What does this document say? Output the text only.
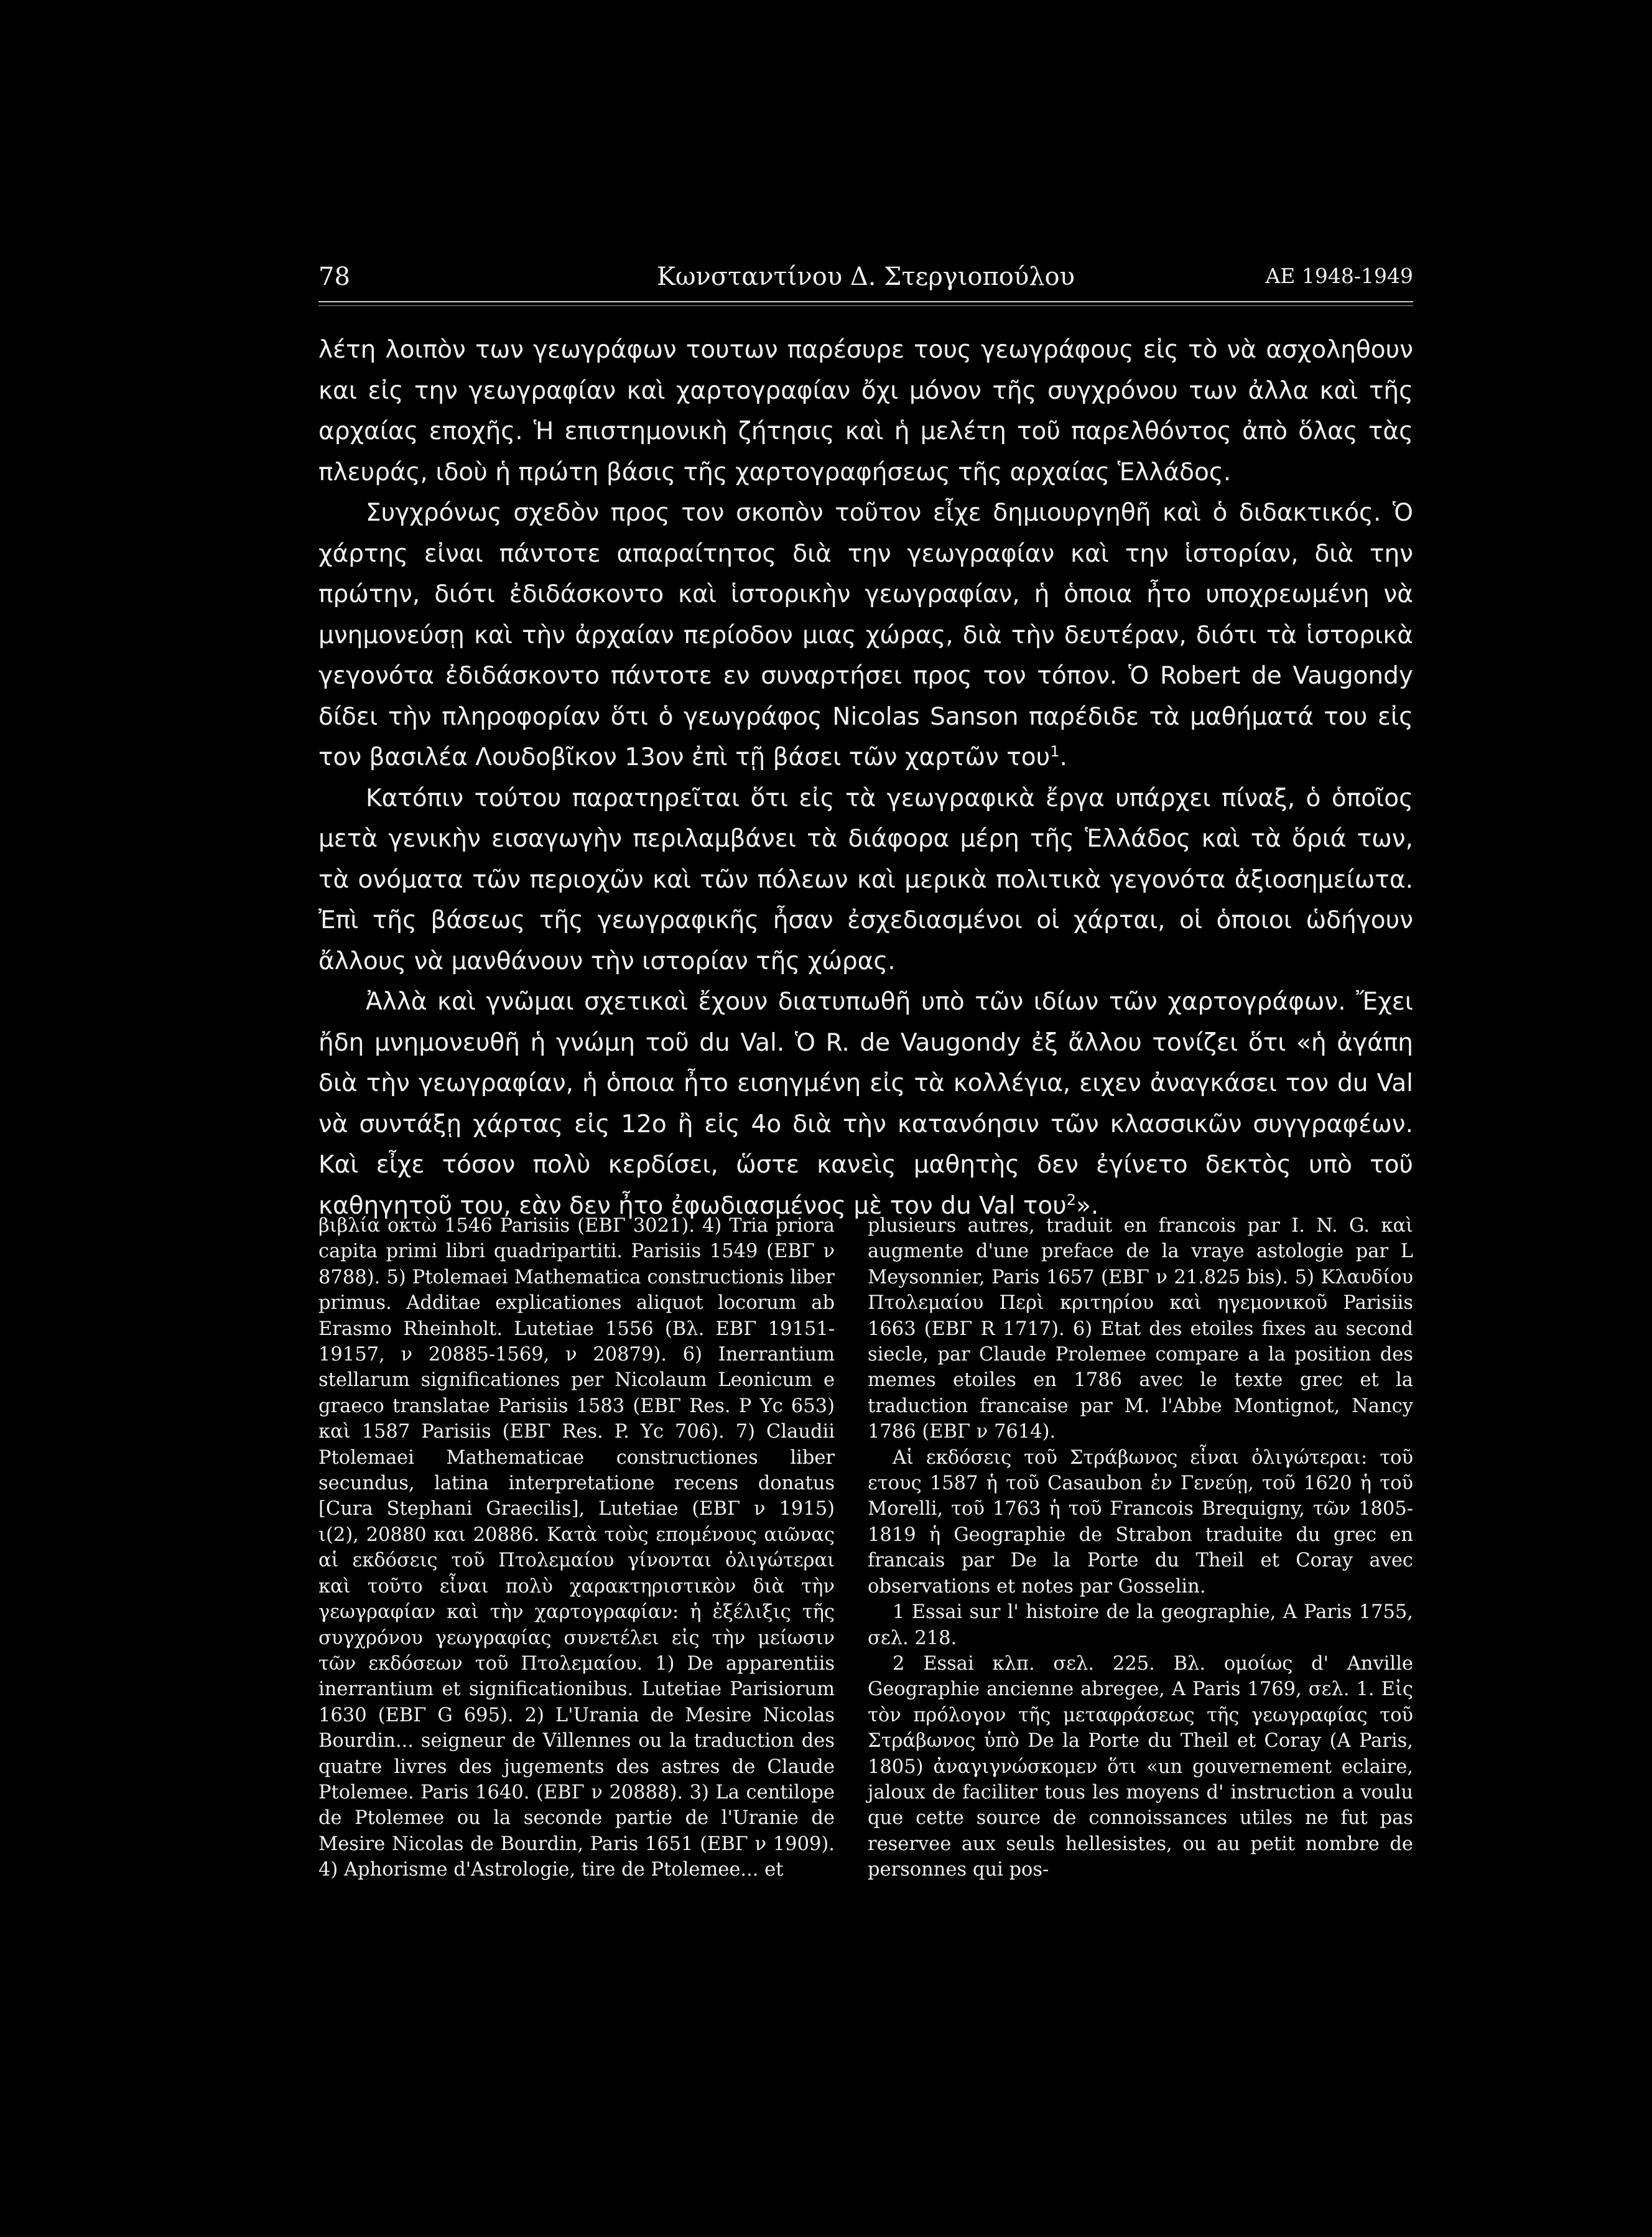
78	Κωνσταντίνου Δ. Στεργιοπούλου	ΑΕ 1948-1949

λέτη λοιπὸν των γεωγράφων τουτων παρέσυρε τους γεωγράφους εἰς τὸ νὰ ασχοληθουν και εἰς την γεωγραφίαν καὶ χαρτογραφίαν ὄχι μόνον τῆς συγχρόνου των ἀλλα καὶ τῆς αρχαίας εποχῆς. Ἡ επιστημονικὴ ζήτησις καὶ ἡ μελέτη τοῦ παρελθόντος ἀπὸ ὅλας τὰς πλευράς, ιδοὺ ἡ πρώτη βάσις τῆς χαρτογραφήσεως τῆς αρχαίας Ἑλλάδος.

Συγχρόνως σχεδὸν προς τον σκοπὸν τοῦτον εἶχε δημιουργηθῆ καὶ ὁ διδακτικός. Ὁ χάρτης εἰναι πάντοτε απαραίτητος διὰ την γεωγραφίαν καὶ την ἱστορίαν, διὰ την πρώτην, διότι ἐδιδάσκοντο καὶ ἱστορικὴν γεωγραφίαν, ἡ ὁποια ἦτο υποχρεωμένη νὰ μνημονεύσῃ καὶ τὴν ἀρχαίαν περίοδον μιας χώρας, διὰ τὴν δευτέραν, διότι τὰ ἱστορικὰ γεγονότα ἐδιδάσκοντο πάντοτε εν συναρτήσει προς τον τόπον. Ὁ Robert de Vaugondy δίδει τὴν πληροφορίαν ὅτι ὁ γεωγράφος Nicolas Sanson παρέδιδε τὰ μαθήματά του εἰς τον βασιλέα Λουδοβῖκον 13ον ἐπὶ τῇ βάσει τῶν χαρτῶν του$^1$.

Κατόπιν τούτου παρατηρεῖται ὅτι εἰς τὰ γεωγραφικὰ ἔργα υπάρχει πίναξ, ὁ ὁποῖος μετὰ γενικὴν εισαγωγὴν περιλαμβάνει τὰ διάφορα μέρη τῆς Ἑλλάδος καὶ τὰ ὅριά των, τὰ ονόματα τῶν περιοχῶν καὶ τῶν πόλεων καὶ μερικὰ πολιτικὰ γεγονότα ἀξιοσημείωτα. Ἐπὶ τῆς βάσεως τῆς γεωγραφικῆς ἦσαν ἐσχεδιασμένοι οἱ χάρται, οἱ ὁποιοι ὡδήγουν ἄλλους νὰ μανθάνουν τὴν ιστορίαν τῆς χώρας.

Ἀλλὰ καὶ γνῶμαι σχετικαὶ ἔχουν διατυπωθῆ υπὸ τῶν ιδίων τῶν χαρτογράφων. Ἔχει ἤδη μνημονευθῆ ἡ γνώμη τοῦ du Val. Ὁ R. de Vaugondy ἐξ ἄλλου τονίζει ὅτι «ἡ ἀγάπη διὰ τὴν γεωγραφίαν, ἡ ὁποια ἦτο εισηγμένη εἰς τὰ κολλέγια, ειχεν ἀναγκάσει τον du Val νὰ συντάξῃ χάρτας εἰς 12ο ἢ εἰς 4ο διὰ τὴν κατανόησιν τῶν κλασσικῶν συγγραφέων. Καὶ εἶχε τόσον πολὺ κερδίσει, ὥστε κανεὶς μαθητὴς δεν ἐγίνετο δεκτὸς υπὸ τοῦ καθηγητοῦ του, εὰν δεν ἦτο ἐφωδιασμένος μὲ τον du Val του$^2$».

βιβλία οκτὼ 1546 Parisiis (ΕΒΓ 3021). 4) Tria priora capita primi libri quadripartiti. Parisiis 1549 (ΕΒΓ ν 8788). 5) Ptolemaei Mathematica constructionis liber primus. Additae explicationes aliquot locorum ab Erasmo Rheinholt. Lutetiae 1556 (Βλ. ΕΒΓ 19151-19157, ν 20885-1569, ν 20879). 6) Inerrantium stellarum significationes per Nicolaum Leonicum e graeco translatae Parisiis 1583 (ΕΒΓ Res. P Yc 653) καὶ 1587 Parisiis (ΕΒΓ Res. P. Yc 706). 7) Claudii Ptolemaei Mathematicae constructiones liber secundus, latina interpretatione recens donatus [Cura Stephani Graecilis], Lutetiae (ΕΒΓ ν 1915) ι(2), 20880 και 20886. Κατὰ τοὺς επομένους αιῶνας αἱ εκδόσεις τοῦ Πτολεμαίου γίνονται ὀλιγώτεραι καὶ τοῦτο εἶναι πολὺ χαρακτηριστικὸν διὰ τὴν γεωγραφίαν καὶ τὴν χαρτογραφίαν: ἡ ἐξέλιξις τῆς συγχρόνου γεωγραφίας συνετέλει εἰς τὴν μείωσιν τῶν εκδόσεων τοῦ Πτολεμαίου. 1) De apparentiis inerrantium et significationibus. Lutetiae Parisiorum 1630 (ΕΒΓ G 695). 2) L'Urania de Mesire Nicolas Bourdin... seigneur de Villennes ou la traduction des quatre livres des jugements des astres de Claude Ptolemee. Paris 1640. (ΕΒΓ ν 20888). 3) La centilope de Ptolemee ou la seconde partie de l'Uranie de Mesire Nicolas de Bourdin, Paris 1651 (ΕΒΓ ν 1909). 4) Aphorisme d'Astrologie, tire de Ptolemee... et

plusieurs autres, traduit en francois par I. N. G. καὶ augmente d'une preface de la vraye astologie par L Meysonnier, Paris 1657 (ΕΒΓ ν 21.825 bis). 5) Κλαυδίου Πτολεμαίου Περὶ κριτηρίου καὶ ηγεμονικοῦ Parisiis 1663 (ΕΒΓ R 1717). 6) Etat des etoiles fixes au second siecle, par Claude Prolemee compare a la position des memes etoiles en 1786 avec le texte grec et la traduction francaise par M. l'Abbe Montignot, Nancy 1786 (ΕΒΓ ν 7614).

Αἱ εκδόσεις τοῦ Στράβωνος εἶναι ὀλιγώτεραι: τοῦ ετους 1587 ἡ τοῦ Casaubon ἐν Γενεύῃ, τοῦ 1620 ἡ τοῦ Morelli, τοῦ 1763 ἡ τοῦ Francois Brequigny, τῶν 1805-1819 ἡ Geographie de Strabon traduite du grec en francais par De la Porte du Theil et Coray avec observations et notes par Gosselin.

1 Essai sur l' histoire de la geographie, A Paris 1755, σελ. 218.

2 Essai κλπ. σελ. 225. Βλ. ομοίως d' Anville Geographie ancienne abregee, A Paris 1769, σελ. 1. Εἰς τὸν πρόλογον τῆς μεταφράσεως τῆς γεωγραφίας τοῦ Στράβωνος ὑπὸ De la Porte du Theil et Coray (A Paris, 1805) ἀναγιγνώσκομεν ὅτι «un gouvernement eclaire, jaloux de faciliter tous les moyens d' instruction a voulu que cette source de connoissances utiles ne fut pas reservee aux seuls hellesistes, ou au petit nombre de personnes qui pos-
